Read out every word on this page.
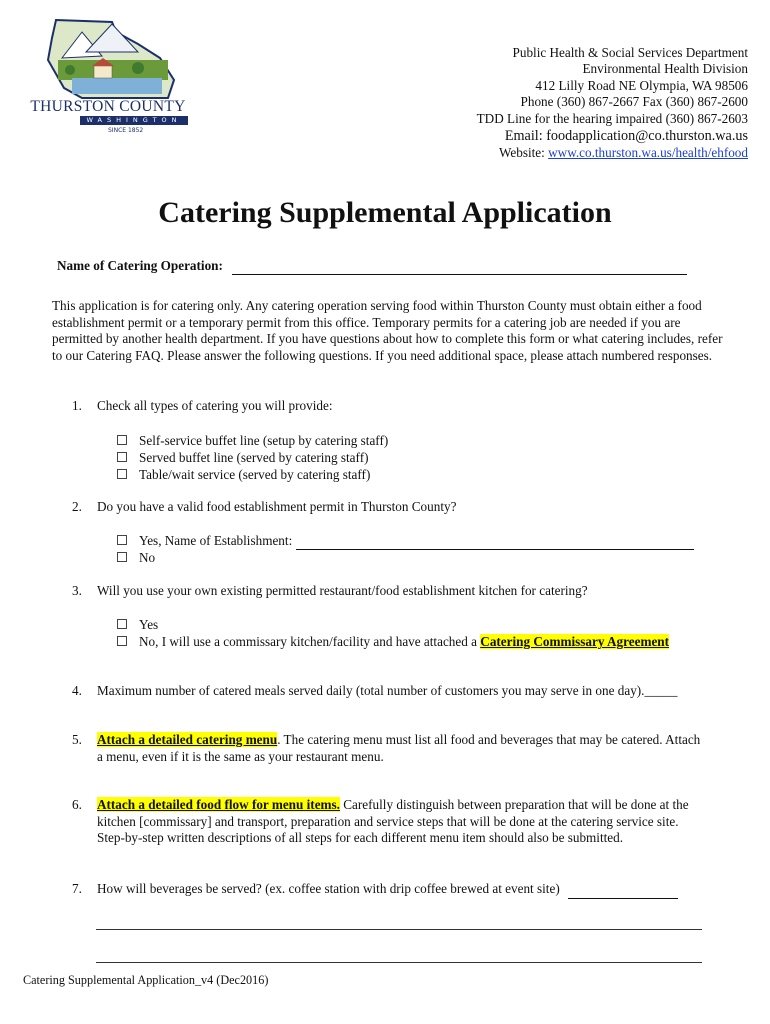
THURSTON COUNTY
WASHINGTON
SINCE 1852
Public Health & Social Services Department
Environmental Health Division
412 Lilly Road NE Olympia, WA 98506
Phone (360) 867-2667 Fax (360) 867-2600
TDD Line for the hearing impaired (360) 867-2603
Email: foodapplication@co.thurston.wa.us
Website: www.co.thurston.wa.us/health/ehfood
Catering Supplemental Application
Name of Catering Operation:
This application is for catering only. Any catering operation serving food within Thurston County must obtain either a food establishment permit or a temporary permit from this office. Temporary permits for a catering job are needed if you are permitted by another health department. If you have questions about how to complete this form or what catering includes, refer to our Catering FAQ. Please answer the following questions. If you need additional space, please attach numbered responses.
1.	Check all types of catering you will provide:
Self-service buffet line (setup by catering staff)
Served buffet line (served by catering staff)
Table/wait service (served by catering staff)
2.	Do you have a valid food establishment permit in Thurston County?
Yes, Name of Establishment:
No
3.	Will you use your own existing permitted restaurant/food establishment kitchen for catering?
Yes
No, I will use a commissary kitchen/facility and have attached a Catering Commissary Agreement
4.	Maximum number of catered meals served daily (total number of customers you may serve in one day)._____
5.	Attach a detailed catering menu. The catering menu must list all food and beverages that may be catered. Attach a menu, even if it is the same as your restaurant menu.
6.	Attach a detailed food flow for menu items. Carefully distinguish between preparation that will be done at the kitchen [commissary] and transport, preparation and service steps that will be done at the catering service site. Step-by-step written descriptions of all steps for each different menu item should also be submitted.
7.	How will beverages be served? (ex. coffee station with drip coffee brewed at event site)
Catering Supplemental Application_v4 (Dec2016)
